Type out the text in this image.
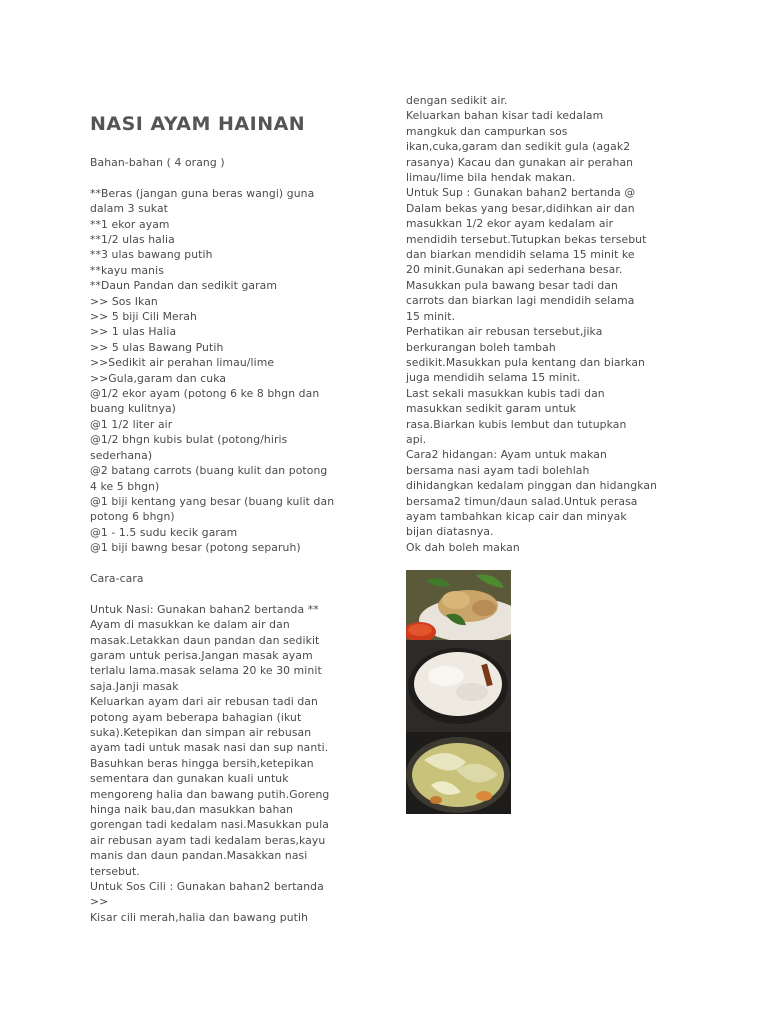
NASI AYAM HAINAN
Bahan-bahan ( 4 orang )
**Beras (jangan guna beras wangi) guna
dalam 3 sukat
**1 ekor ayam
**1/2 ulas halia
**3 ulas bawang putih
**kayu manis
**Daun Pandan dan sedikit garam
>> Sos Ikan
>> 5 biji Cili Merah
>> 1 ulas Halia
>> 5 ulas Bawang Putih
>>Sedikit air perahan limau/lime
>>Gula,garam dan cuka
@1/2 ekor ayam (potong 6 ke 8 bhgn dan
buang kulitnya)
@1 1/2 liter air
@1/2 bhgn kubis bulat (potong/hiris
sederhana)
@2 batang carrots (buang kulit dan potong
4 ke 5 bhgn)
@1 biji kentang yang besar (buang kulit dan
potong 6 bhgn)
@1 - 1.5 sudu kecik garam
@1 biji bawng besar (potong separuh)
Cara-cara
Untuk Nasi: Gunakan bahan2 bertanda **
Ayam di masukkan ke dalam air dan
masak.Letakkan daun pandan dan sedikit
garam untuk perisa.Jangan masak ayam
terlalu lama.masak selama 20 ke 30 minit
saja.Janji masak
Keluarkan ayam dari air rebusan tadi dan
potong ayam beberapa bahagian (ikut
suka).Ketepikan dan simpan air rebusan
ayam tadi untuk masak nasi dan sup nanti.
Basuhkan beras hingga bersih,ketepikan
sementara dan gunakan kuali untuk
mengoreng halia dan bawang putih.Goreng
hinga naik bau,dan masukkan bahan
gorengan tadi kedalam nasi.Masukkan pula
air rebusan ayam tadi kedalam beras,kayu
manis dan daun pandan.Masakkan nasi
tersebut.
Untuk Sos Cili : Gunakan bahan2 bertanda
>>
Kisar cili merah,halia dan bawang putih
dengan sedikit air.
Keluarkan bahan kisar tadi kedalam
mangkuk dan campurkan sos
ikan,cuka,garam dan sedikit gula (agak2
rasanya) Kacau dan gunakan air perahan
limau/lime bila hendak makan.
Untuk Sup : Gunakan bahan2 bertanda @
Dalam bekas yang besar,didihkan air dan
masukkan 1/2 ekor ayam kedalam air
mendidih tersebut.Tutupkan bekas tersebut
dan biarkan mendidih selama 15 minit ke
20 minit.Gunakan api sederhana besar.
Masukkan pula bawang besar tadi dan
carrots dan biarkan lagi mendidih selama
15 minit.
Perhatikan air rebusan tersebut,jika
berkurangan boleh tambah
sedikit.Masukkan pula kentang dan biarkan
juga mendidih selama 15 minit.
Last sekali masukkan kubis tadi dan
masukkan sedikit garam untuk
rasa.Biarkan kubis lembut dan tutupkan
api.
Cara2 hidangan: Ayam untuk makan
bersama nasi ayam tadi bolehlah
dihidangkan kedalam pinggan dan hidangkan
bersama2 timun/daun salad.Untuk perasa
ayam tambahkan kicap cair dan minyak
bijan diatasnya.
Ok dah boleh makan
